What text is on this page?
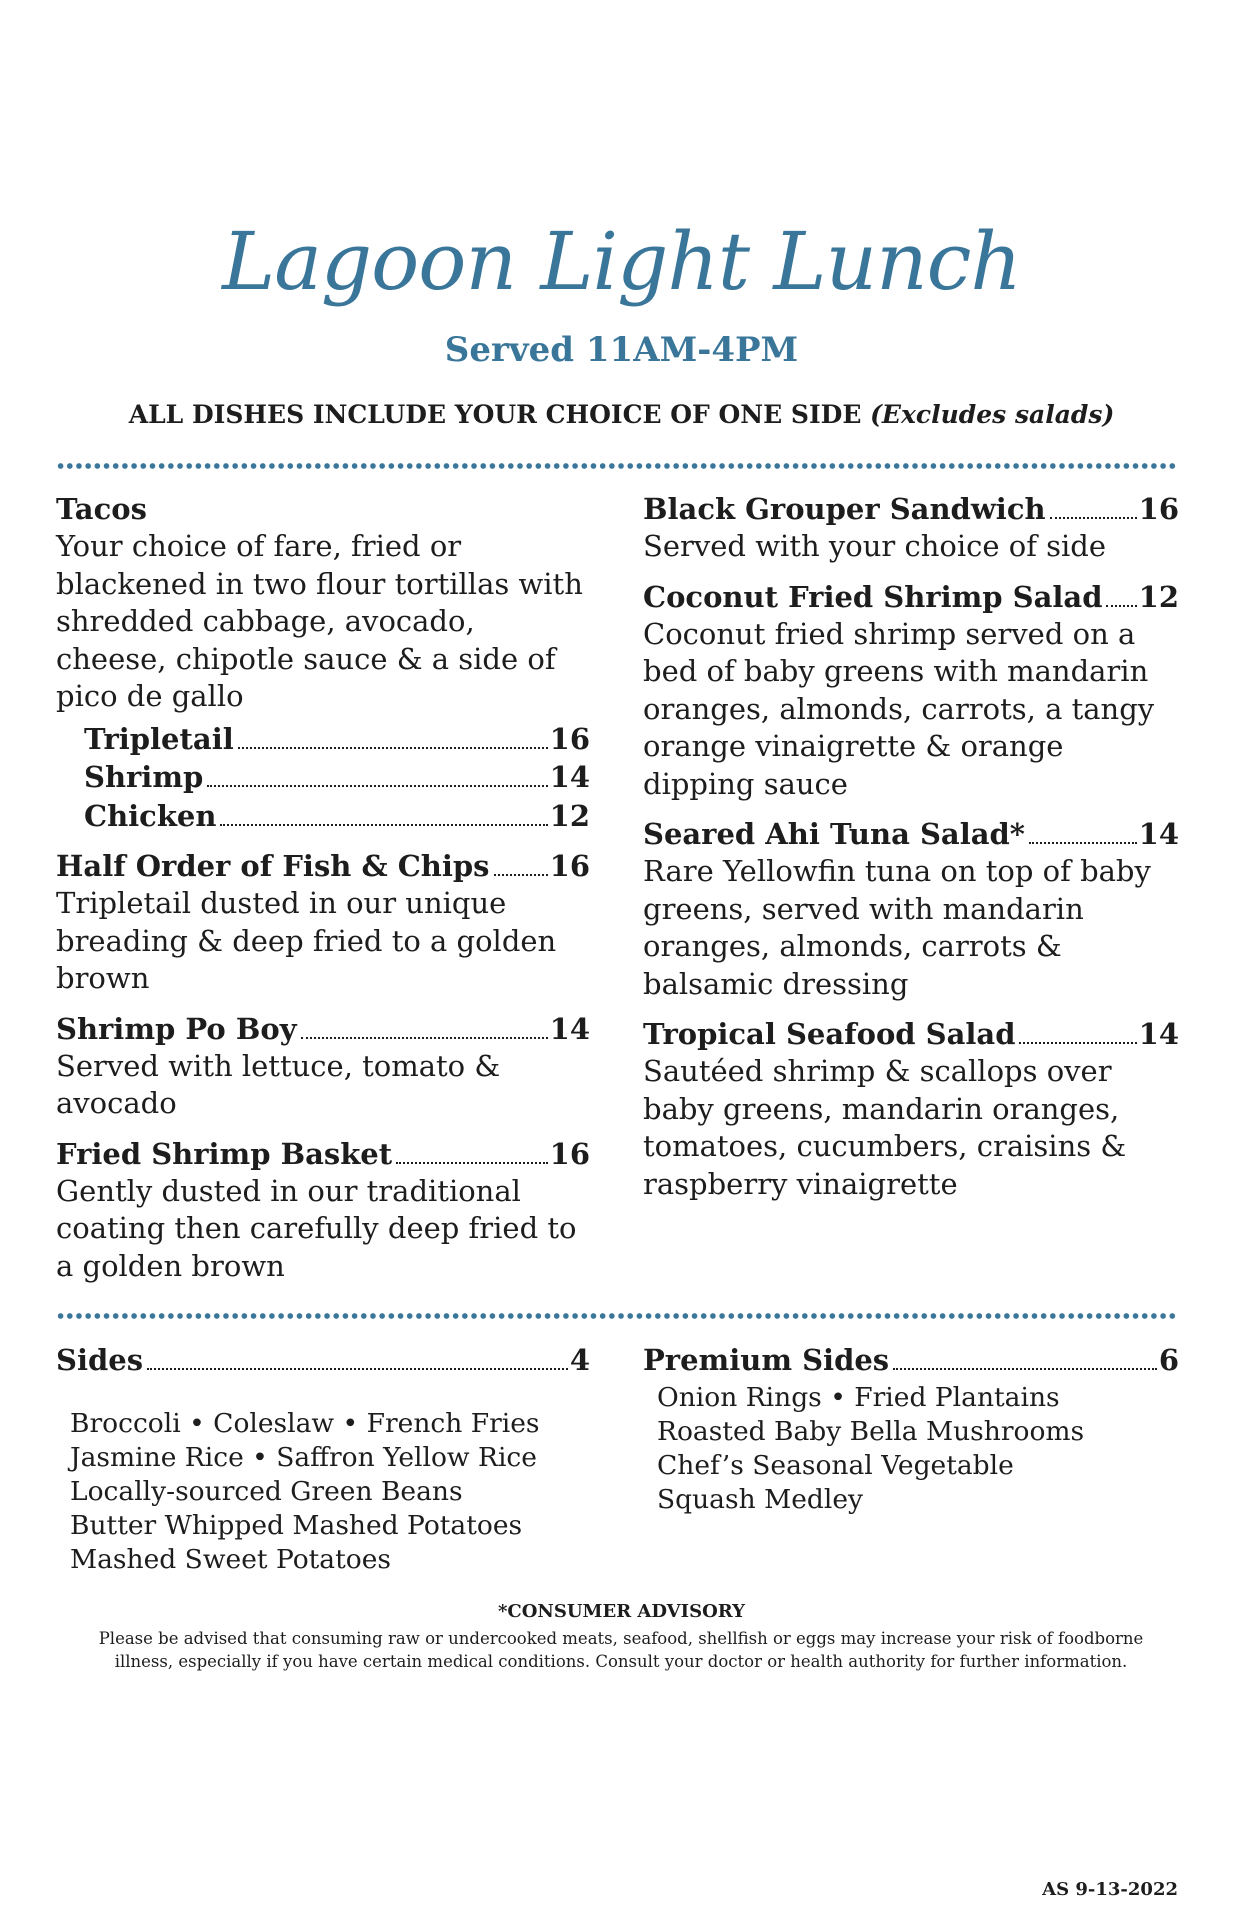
Lagoon Light Lunch
Served 11AM-4PM
ALL DISHES INCLUDE YOUR CHOICE OF ONE SIDE (Excludes salads)
Tacos
Your choice of fare, fried or blackened in two flour tortillas with shredded cabbage, avocado, cheese, chipotle sauce & a side of pico de gallo
Tripletail	16
Shrimp	14
Chicken	12
Half Order of Fish & Chips 16
Tripletail dusted in our unique breading & deep fried to a golden brown
Shrimp Po Boy	14
Served with lettuce, tomato & avocado
Fried Shrimp Basket	16
Gently dusted in our traditional coating then carefully deep fried to a golden brown
Black Grouper Sandwich	16
Served with your choice of side
Coconut Fried Shrimp Salad 12
Coconut fried shrimp served on a bed of baby greens with mandarin oranges, almonds, carrots, a tangy orange vinaigrette & orange dipping sauce
Seared Ahi Tuna Salad*	14
Rare Yellowfin tuna on top of baby greens, served with mandarin oranges, almonds, carrots & balsamic dressing
Tropical Seafood Salad	14
Sautéed shrimp & scallops over baby greens, mandarin oranges, tomatoes, cucumbers, craisins & raspberry vinaigrette
Sides	4
Broccoli • Coleslaw • French Fries
Jasmine Rice • Saffron Yellow Rice
Locally-sourced Green Beans
Butter Whipped Mashed Potatoes
Mashed Sweet Potatoes
Premium Sides	6
Onion Rings • Fried Plantains
Roasted Baby Bella Mushrooms
Chef’s Seasonal Vegetable
Squash Medley
*CONSUMER ADVISORY
Please be advised that consuming raw or undercooked meats, seafood, shellfish or eggs may increase your risk of foodborne
illness, especially if you have certain medical conditions. Consult your doctor or health authority for further information.
AS 9-13-2022
